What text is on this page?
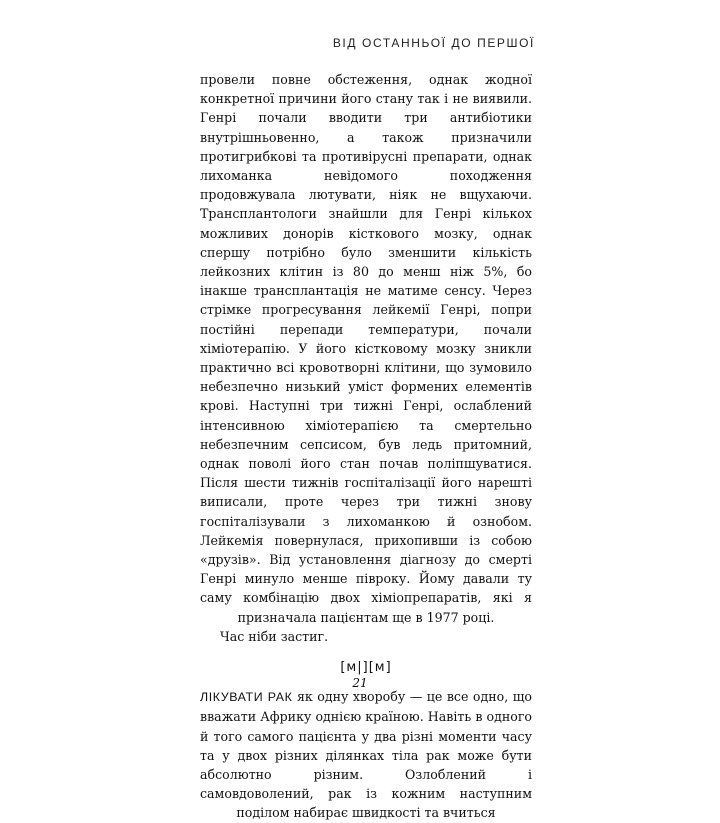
ВІД ОСТАННЬОЇ ДО ПЕРШОЇ

провели повне обстеження, однак жодної конкретної причини його стану так і не виявили. Генрі почали вводити три антибіотики внутрішньовенно, а також призначили протигрибкові та противірусні препарати, однак лихоманка невідомого походження продовжувала лютувати, ніяк не вщухаючи. Трансплантологи знайшли для Генрі кількох можливих донорів кісткового мозку, однак спершу потрібно було зменшити кількість лейкозних клітин із 80 до менш ніж 5%, бо інакше трансплантація не матиме сенсу. Через стрімке прогресування лейкемії Генрі, попри постійні перепади температури, почали хіміотерапію. У його кістковому мозку зникли практично всі кровотворні клітини, що зумовило небезпечно низький уміст формених елементів крові. Наступні три тижні Генрі, ослаблений інтенсивною хіміотерапією та смертельно небезпечним сепсисом, був ледь притомний, однак поволі його стан почав поліпшуватися. Після шести тижнів госпіталізації його нарешті виписали, проте через три тижні знову госпіталізували з лихоманкою й ознобом. Лейкемія повернулася, прихопивши із собою «друзів». Від установлення діагнозу до смерті Генрі минуло менше півроку. Йому давали ту саму комбінацію двох хіміопрепаратів, які я призначала пацієнтам ще в 1977 році.

Час ніби застиг.

[ᴍ|][ᴍ]

ЛІКУВАТИ РАК як одну хворобу — це все одно, що вважати Африку однією країною. Навіть в одного й того самого пацієнта у два різні моменти часу та у двох різних ділянках тіла рак може бути абсолютно різним. Озлоблений і самовдоволений, рак із кожним наступним поділом набирає швидкості та вчиться

21
